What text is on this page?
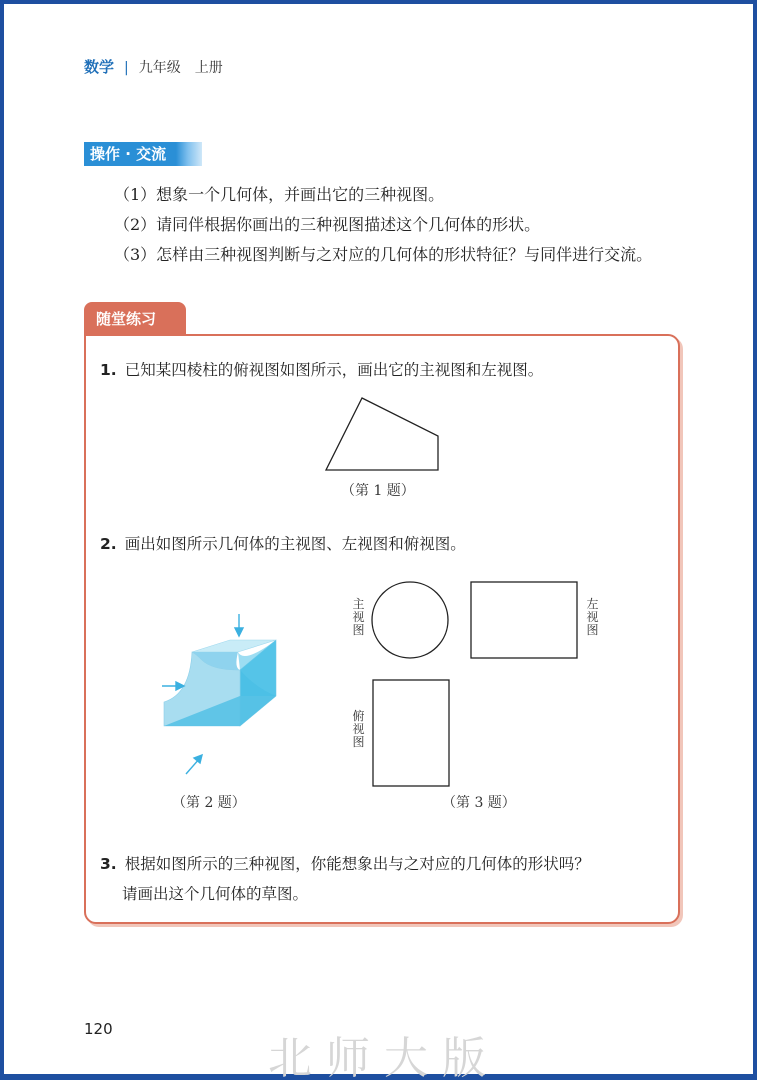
数学 | 九年级　上册
操作 · 交流
（1）想象一个几何体，并画出它的三种视图。
（2）请同伴根据你画出的三种视图描述这个几何体的形状。
（3）怎样由三种视图判断与之对应的几何体的形状特征？与同伴进行交流。
随堂练习
1. 已知某四棱柱的俯视图如图所示，画出它的主视图和左视图。
（第 1 题）
2. 画出如图所示几何体的主视图、左视图和俯视图。
（第 2 题）
主视图
左视图
俯视图
（第 3 题）
3. 根据如图所示的三种视图，你能想象出与之对应的几何体的形状吗？
请画出这个几何体的草图。
120
北师大版
